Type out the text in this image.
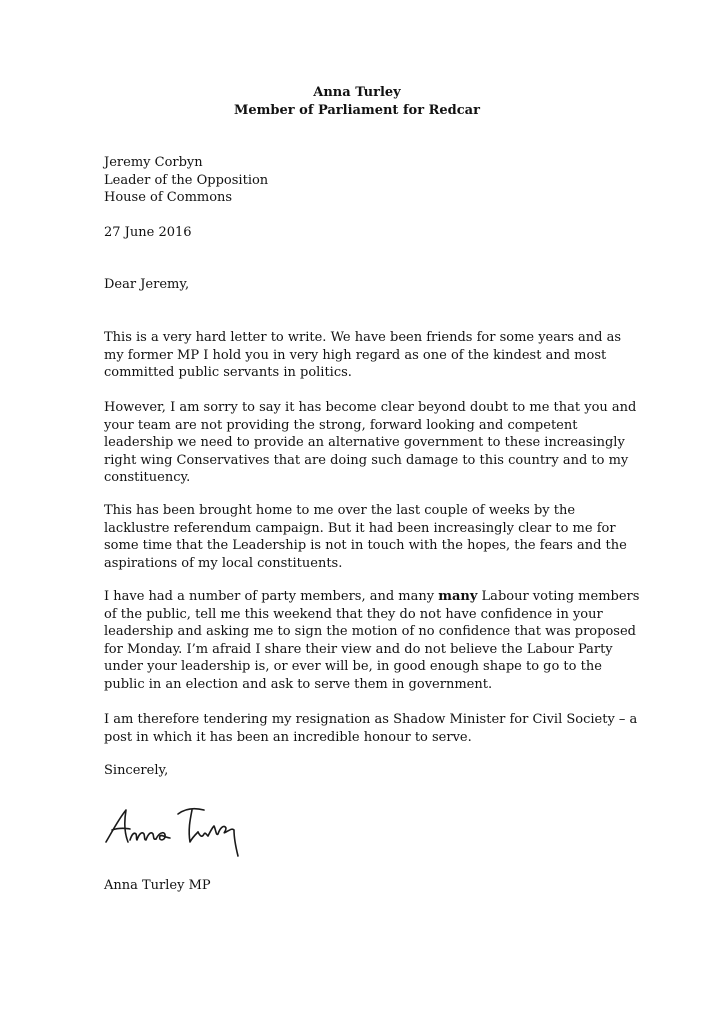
Anna Turley
Member of Parliament for Redcar
Jeremy Corbyn
Leader of the Opposition
House of Commons
27 June 2016
Dear Jeremy,
This is a very hard letter to write. We have been friends for some years and as
my former MP I hold you in very high regard as one of the kindest and most
committed public servants in politics.
However, I am sorry to say it has become clear beyond doubt to me that you and
your team are not providing the strong, forward looking and competent
leadership we need to provide an alternative government to these increasingly
right wing Conservatives that are doing such damage to this country and to my
constituency.
This has been brought home to me over the last couple of weeks by the
lacklustre referendum campaign. But it had been increasingly clear to me for
some time that the Leadership is not in touch with the hopes, the fears and the
aspirations of my local constituents.
I have had a number of party members, and many many Labour voting members
of the public, tell me this weekend that they do not have confidence in your
leadership and asking me to sign the motion of no confidence that was proposed
for Monday. I’m afraid I share their view and do not believe the Labour Party
under your leadership is, or ever will be, in good enough shape to go to the
public in an election and ask to serve them in government.
I am therefore tendering my resignation as Shadow Minister for Civil Society – a
post in which it has been an incredible honour to serve.
Sincerely,
Anna Turley MP
